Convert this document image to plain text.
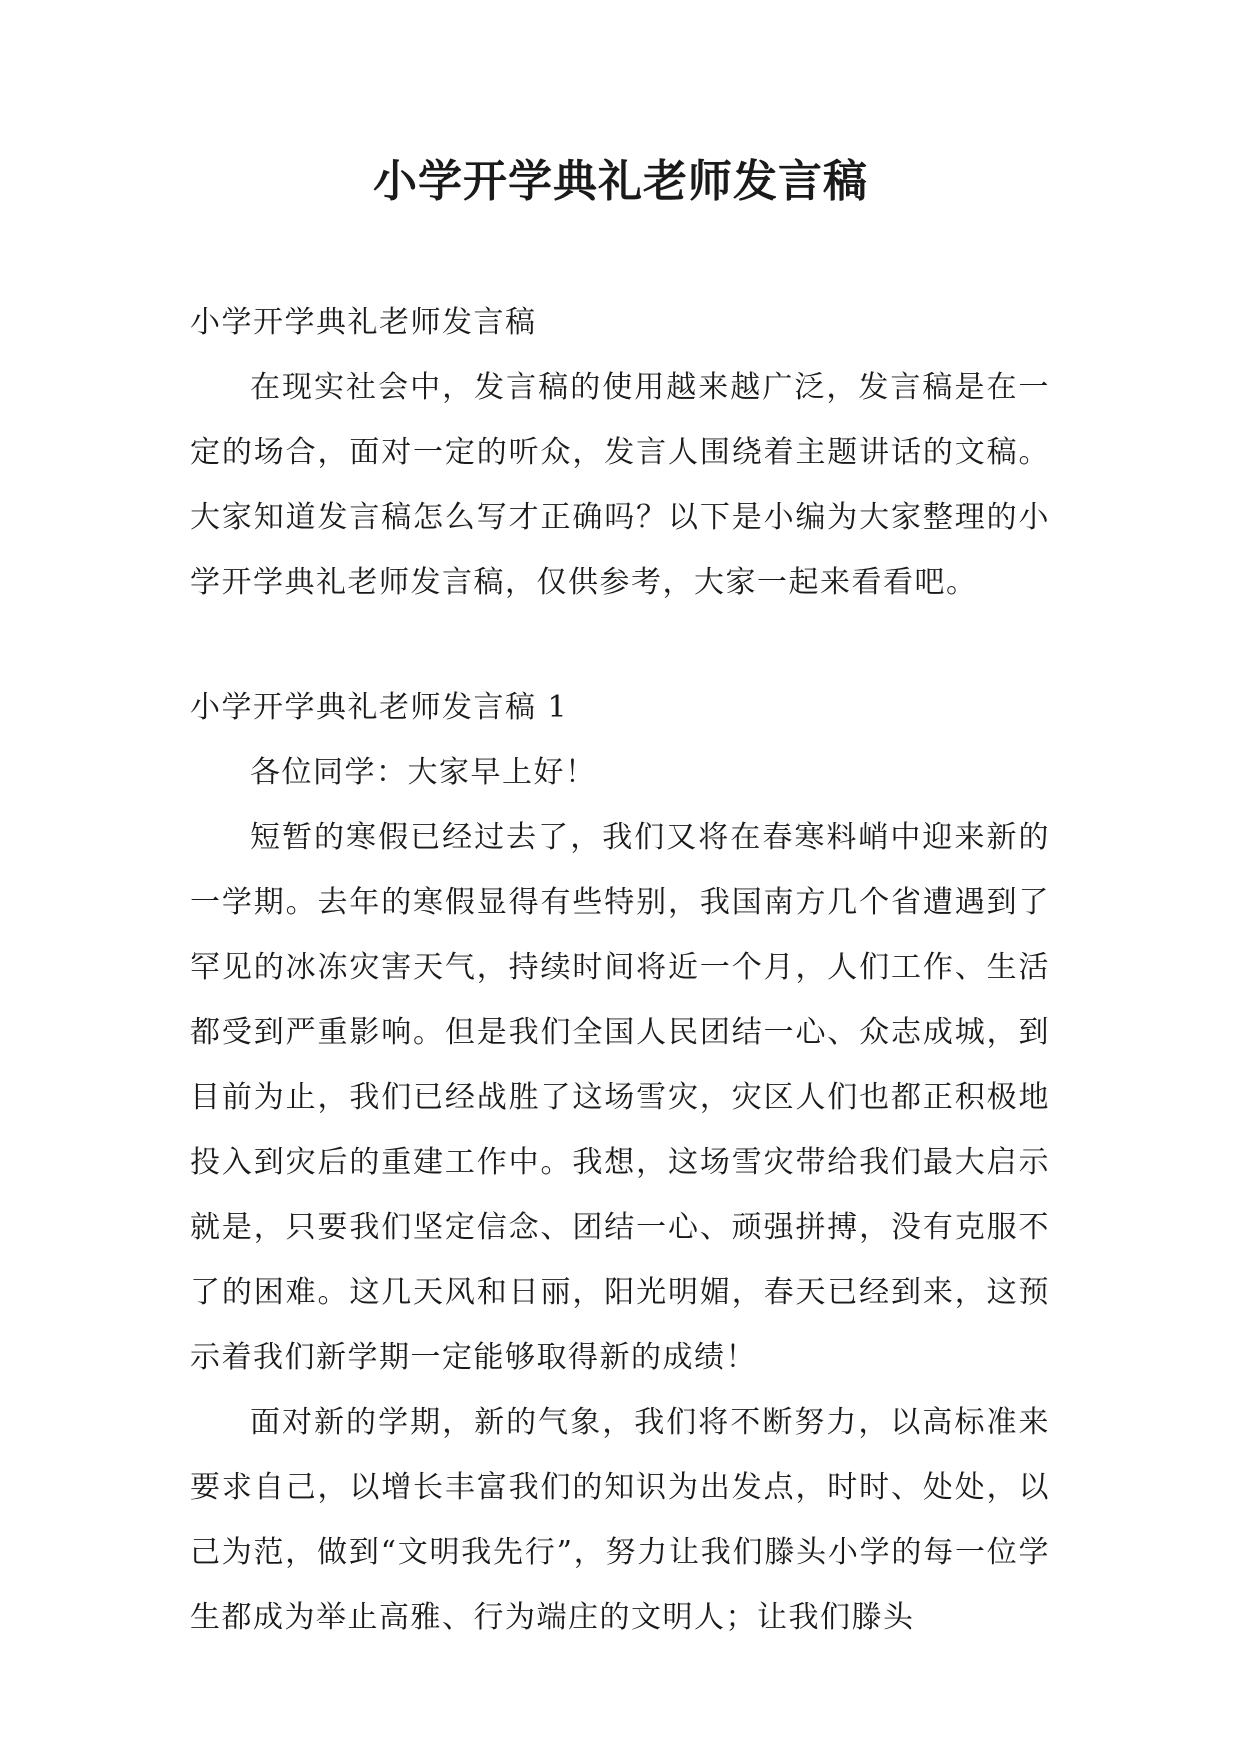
小学开学典礼老师发言稿

小学开学典礼老师发言稿

在现实社会中，发言稿的使用越来越广泛，发言稿是在一定的场合，面对一定的听众，发言人围绕着主题讲话的文稿。大家知道发言稿怎么写才正确吗？以下是小编为大家整理的小学开学典礼老师发言稿，仅供参考，大家一起来看看吧。

小学开学典礼老师发言稿 1

各位同学：大家早上好！

短暂的寒假已经过去了，我们又将在春寒料峭中迎来新的一学期。去年的寒假显得有些特别，我国南方几个省遭遇到了罕见的冰冻灾害天气，持续时间将近一个月，人们工作、生活都受到严重影响。但是我们全国人民团结一心、众志成城，到目前为止，我们已经战胜了这场雪灾，灾区人们也都正积极地投入到灾后的重建工作中。我想，这场雪灾带给我们最大启示就是，只要我们坚定信念、团结一心、顽强拼搏，没有克服不了的困难。这几天风和日丽，阳光明媚，春天已经到来，这预示着我们新学期一定能够取得新的成绩！

面对新的学期，新的气象，我们将不断努力，以高标准来要求自己，以增长丰富我们的知识为出发点，时时、处处，以己为范，做到“文明我先行”，努力让我们滕头小学的每一位学生都成为举止高雅、行为端庄的文明人；让我们滕头
